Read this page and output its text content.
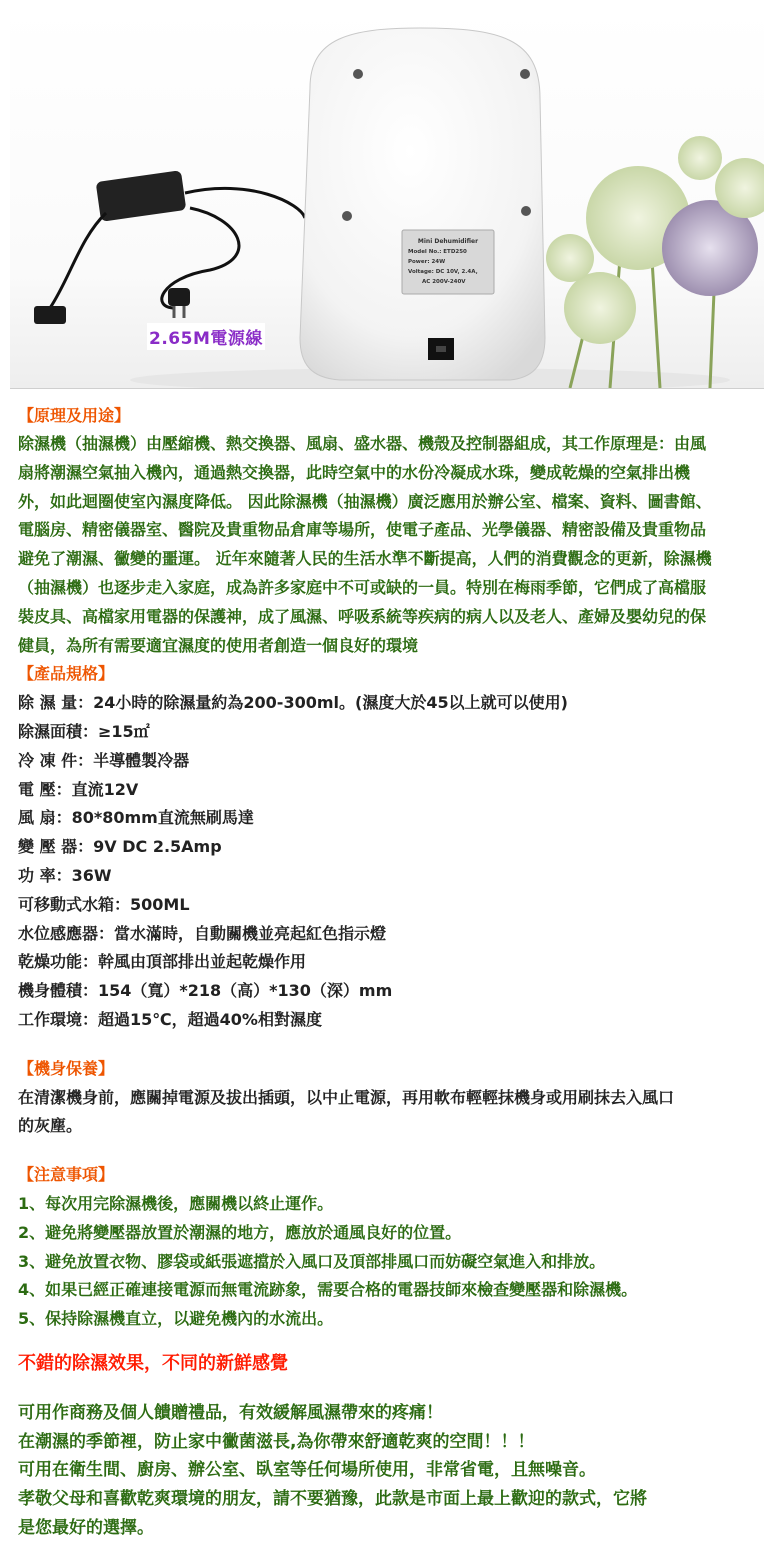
Mini Dehumidifier
Model No.: ETD250
Power: 24W
Voltage: DC 10V, 2.4A,
AC 200V-240V
2.65M電源線
【原理及用途】
除濕機（抽濕機）由壓縮機、熱交換器、風扇、盛水器、機殼及控制器組成，其工作原理是：由風
扇將潮濕空氣抽入機內，通過熱交換器，此時空氣中的水份冷凝成水珠，變成乾燥的空氣排出機
外，如此迴圈使室內濕度降低。 因此除濕機（抽濕機）廣泛應用於辦公室、檔案、資料、圖書館、
電腦房、精密儀器室、醫院及貴重物品倉庫等場所，使電子產品、光學儀器、精密設備及貴重物品
避免了潮濕、黴變的噩運。 近年來隨著人民的生活水準不斷提高，人們的消費觀念的更新，除濕機
（抽濕機）也逐步走入家庭，成為許多家庭中不可或缺的一員。特別在梅雨季節，它們成了高檔服
裝皮具、高檔家用電器的保護神，成了風濕、呼吸系統等疾病的病人以及老人、產婦及嬰幼兒的保
健員，為所有需要適宜濕度的使用者創造一個良好的環境
【產品規格】
除 濕 量：24小時的除濕量約為200-300ml。(濕度大於45以上就可以使用)
除濕面積：≥15㎡
冷 凍 件：半導體製冷器
電 壓：直流12V
風 扇：80*80mm直流無刷馬達
變 壓 器：9V DC 2.5Amp
功 率：36W
可移動式水箱：500ML
水位感應器：當水滿時，自動關機並亮起紅色指示燈
乾燥功能：幹風由頂部排出並起乾燥作用
機身體積：154（寬）*218（高）*130（深）mm
工作環境：超過15℃，超過40%相對濕度
【機身保養】
在清潔機身前，應關掉電源及拔出插頭，以中止電源，再用軟布輕輕抹機身或用刷抹去入風口
的灰塵。
【注意事項】
1、每次用完除濕機後，應關機以終止運作。
2、避免將變壓器放置於潮濕的地方，應放於通風良好的位置。
3、避免放置衣物、膠袋或紙張遮擋於入風口及頂部排風口而妨礙空氣進入和排放。
4、如果已經正確連接電源而無電流跡象，需要合格的電器技師來檢查變壓器和除濕機。
5、保持除濕機直立，以避免機內的水流出。
不錯的除濕效果，不同的新鮮感覺
可用作商務及個人饋贈禮品，有效緩解風濕帶來的疼痛！
在潮濕的季節裡，防止家中黴菌滋長,為你帶來舒適乾爽的空間！！！
可用在衛生間、廚房、辦公室、臥室等任何場所使用，非常省電，且無噪音。
孝敬父母和喜歡乾爽環境的朋友，請不要猶豫，此款是市面上最上歡迎的款式，它將
是您最好的選擇。
